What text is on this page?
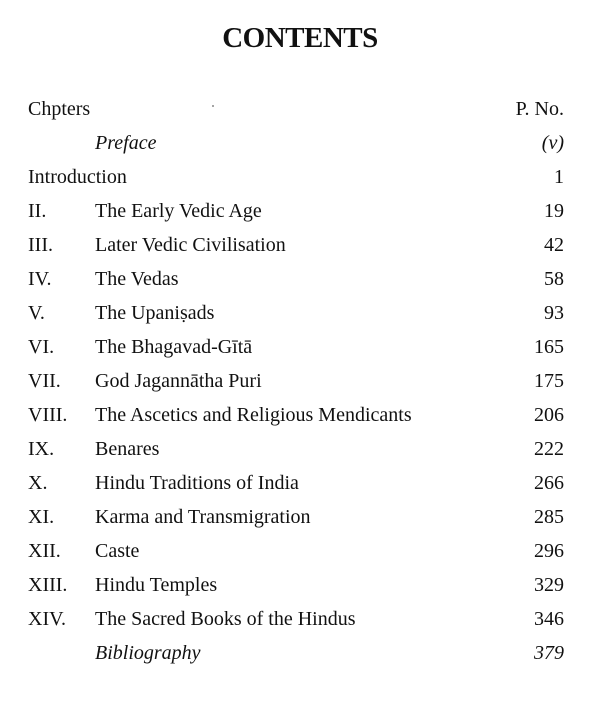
CONTENTS
Chpters	P. No.
Preface	(v)
Introduction	1
II. The Early Vedic Age	19
III. Later Vedic Civilisation	42
IV. The Vedas	58
V.	The Upaniṣads	93
VI. The Bhagavad-Gītā	165
VII. God Jagannātha Puri	175
VIII. The Ascetics and Religious Mendicants	206
IX. Benares	222
X. Hindu Traditions of India	266
XI. Karma and Transmigration	285
XII. Caste	296
XIII. Hindu Temples	329
XIV. The Sacred Books of the Hindus	346
Bibliography	379
